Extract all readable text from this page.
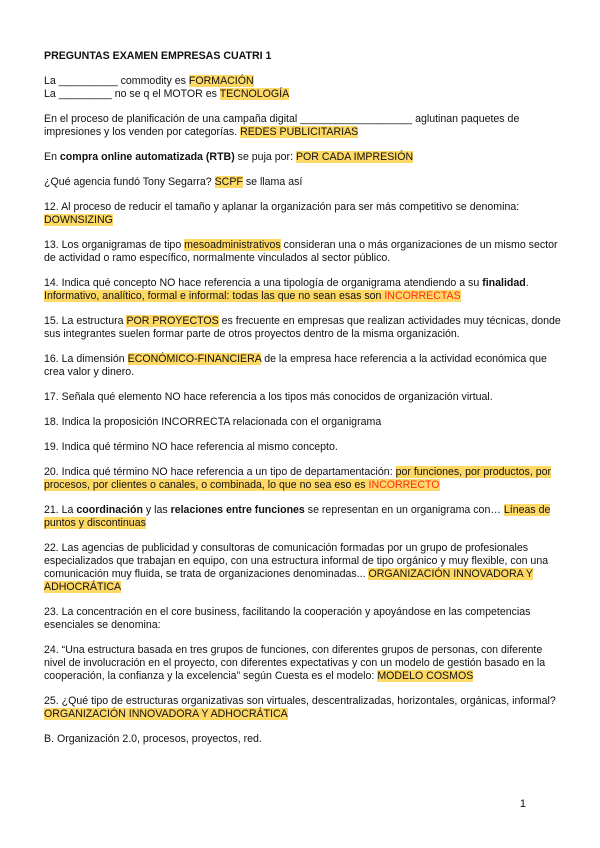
PREGUNTAS EXAMEN EMPRESAS CUATRI 1
La __________ commodity es FORMACIÓN
La _________ no se q el MOTOR es TECNOLOGÍA
En el proceso de planificación de una campaña digital ___________________ aglutinan paquetes de impresiones y los venden por categorías. REDES PUBLICITARIAS
En compra online automatizada (RTB) se puja por: POR CADA IMPRESIÓN
¿Qué agencia fundó Tony Segarra? SCPF se llama así
12. Al proceso de reducir el tamaño y aplanar la organización para ser más competitivo se denomina: DOWNSIZING
13. Los organigramas de tipo mesoadministrativos consideran una o más organizaciones de un mismo sector de actividad o ramo específico, normalmente vinculados al sector público.
14. Indica qué concepto NO hace referencia a una tipología de organigrama atendiendo a su finalidad. Informativo, analítico, formal e informal: todas las que no sean esas son INCORRECTAS
15. La estructura POR PROYECTOS es frecuente en empresas que realizan actividades muy técnicas, donde sus integrantes suelen formar parte de otros proyectos dentro de la misma organización.
16. La dimensión ECONÓMICO-FINANCIERA de la empresa hace referencia a la actividad económica que crea valor y dinero.
17. Señala qué elemento NO hace referencia a los tipos más conocidos de organización virtual.
18. Indica la proposición INCORRECTA relacionada con el organigrama
19. Indica qué término NO hace referencia al mismo concepto.
20. Indica qué término NO hace referencia a un tipo de departamentación: por funciones, por productos, por procesos, por clientes o canales, o combinada, lo que no sea eso es INCORRECTO
21. La coordinación y las relaciones entre funciones se representan en un organigrama con… Líneas de puntos y discontinuas
22. Las agencias de publicidad y consultoras de comunicación formadas por un grupo de profesionales especializados que trabajan en equipo, con una estructura informal de tipo orgánico y muy flexible, con una comunicación muy fluida, se trata de organizaciones denominadas... ORGANIZACIÓN INNOVADORA Y ADHOCRÁTICA
23. La concentración en el core business, facilitando la cooperación y apoyándose en las competencias esenciales se denomina:
24. “Una estructura basada en tres grupos de funciones, con diferentes grupos de personas, con diferente nivel de involucración en el proyecto, con diferentes expectativas y con un modelo de gestión basado en la cooperación, la confianza y la excelencia” según Cuesta es el modelo: MODELO COSMOS
25. ¿Qué tipo de estructuras organizativas son virtuales, descentralizadas, horizontales, orgánicas, informal? ORGANIZACIÓN INNOVADORA Y ADHOCRÁTICA
B. Organización 2.0, procesos, proyectos, red.
1
